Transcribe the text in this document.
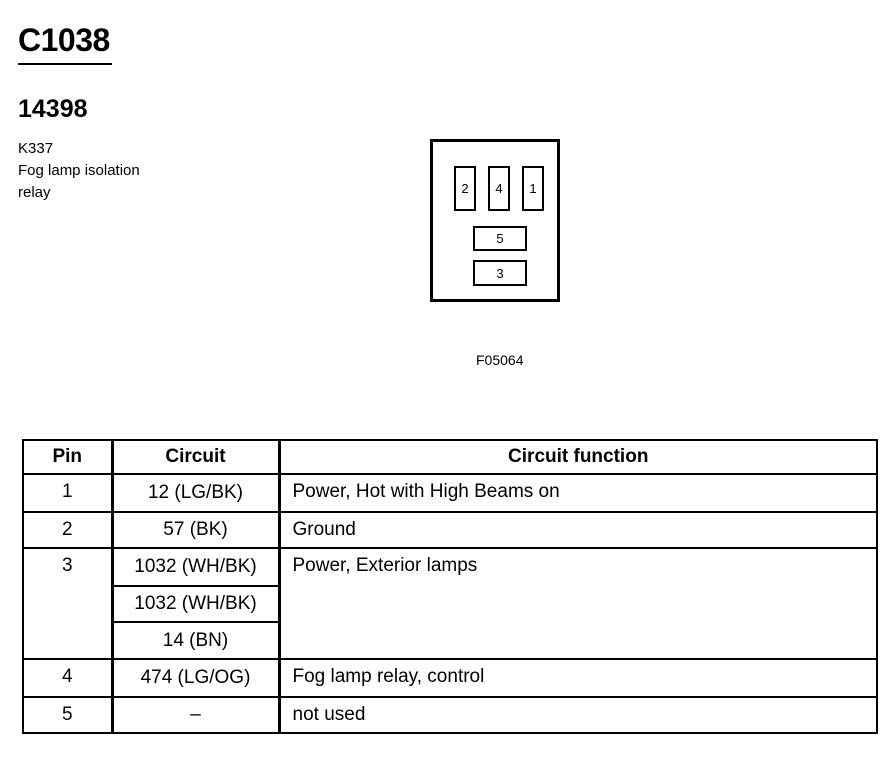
C1038
14398
K337
Fog lamp isolation
relay	2	4	1
5
3
F05064
Pin	Circuit	Circuit function
1	12 (LG/BK)	Power, Hot with High Beams on
2	57 (BK)	Ground
3	1032 (WH/BK)	Power, Exterior lamps
	1032 (WH/BK)	
	14 (BN)	
4	474 (LG/OG)	Fog lamp relay, control
5	–	not used
